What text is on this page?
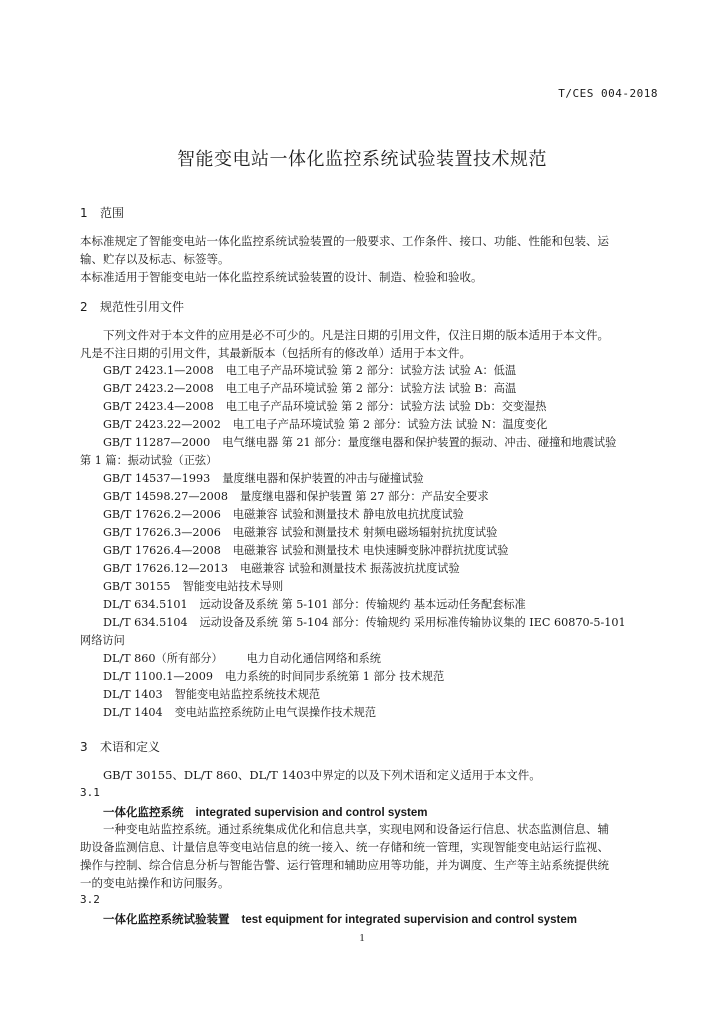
T/CES 004-2018
智能变电站一体化监控系统试验装置技术规范
1 范围
本标准规定了智能变电站一体化监控系统试验装置的一般要求、工作条件、接口、功能、性能和包装、运
输、贮存以及标志、标签等。
本标准适用于智能变电站一体化监控系统试验装置的设计、制造、检验和验收。
2 规范性引用文件
下列文件对于本文件的应用是必不可少的。凡是注日期的引用文件，仅注日期的版本适用于本文件。
凡是不注日期的引用文件，其最新版本（包括所有的修改单）适用于本文件。
GB/T 2423.1—2008 电工电子产品环境试验 第 2 部分：试验方法 试验 A：低温
GB/T 2423.2—2008 电工电子产品环境试验 第 2 部分：试验方法 试验 B：高温
GB/T 2423.4—2008 电工电子产品环境试验 第 2 部分：试验方法 试验 Db：交变湿热
GB/T 2423.22—2002 电工电子产品环境试验 第 2 部分：试验方法 试验 N：温度变化
GB/T 11287—2000 电气继电器 第 21 部分：量度继电器和保护装置的振动、冲击、碰撞和地震试验
第 1 篇：振动试验（正弦）
GB/T 14537—1993 量度继电器和保护装置的冲击与碰撞试验
GB/T 14598.27—2008 量度继电器和保护装置 第 27 部分：产品安全要求
GB/T 17626.2—2006 电磁兼容 试验和测量技术 静电放电抗扰度试验
GB/T 17626.3—2006 电磁兼容 试验和测量技术 射频电磁场辐射抗扰度试验
GB/T 17626.4—2008 电磁兼容 试验和测量技术 电快速瞬变脉冲群抗扰度试验
GB/T 17626.12—2013 电磁兼容 试验和测量技术 振荡波抗扰度试验
GB/T 30155 智能变电站技术导则
DL/T 634.5101 远动设备及系统 第 5-101 部分：传输规约 基本远动任务配套标准
DL/T 634.5104 远动设备及系统 第 5-104 部分：传输规约 采用标准传输协议集的 IEC 60870-5-101
网络访问
DL/T 860（所有部分） 电力自动化通信网络和系统
DL/T 1100.1—2009 电力系统的时间同步系统第 1 部分 技术规范
DL/T 1403 智能变电站监控系统技术规范
DL/T 1404 变电站监控系统防止电气误操作技术规范
3 术语和定义
GB/T 30155、DL/T 860、DL/T 1403中界定的以及下列术语和定义适用于本文件。
3.1
一体化监控系统 integrated supervision and control system
一种变电站监控系统。通过系统集成优化和信息共享，实现电网和设备运行信息、状态监测信息、辅
助设备监测信息、计量信息等变电站信息的统一接入、统一存储和统一管理，实现智能变电站运行监视、
操作与控制、综合信息分析与智能告警、运行管理和辅助应用等功能，并为调度、生产等主站系统提供统
一的变电站操作和访问服务。
3.2
一体化监控系统试验装置 test equipment for integrated supervision and control system
1
